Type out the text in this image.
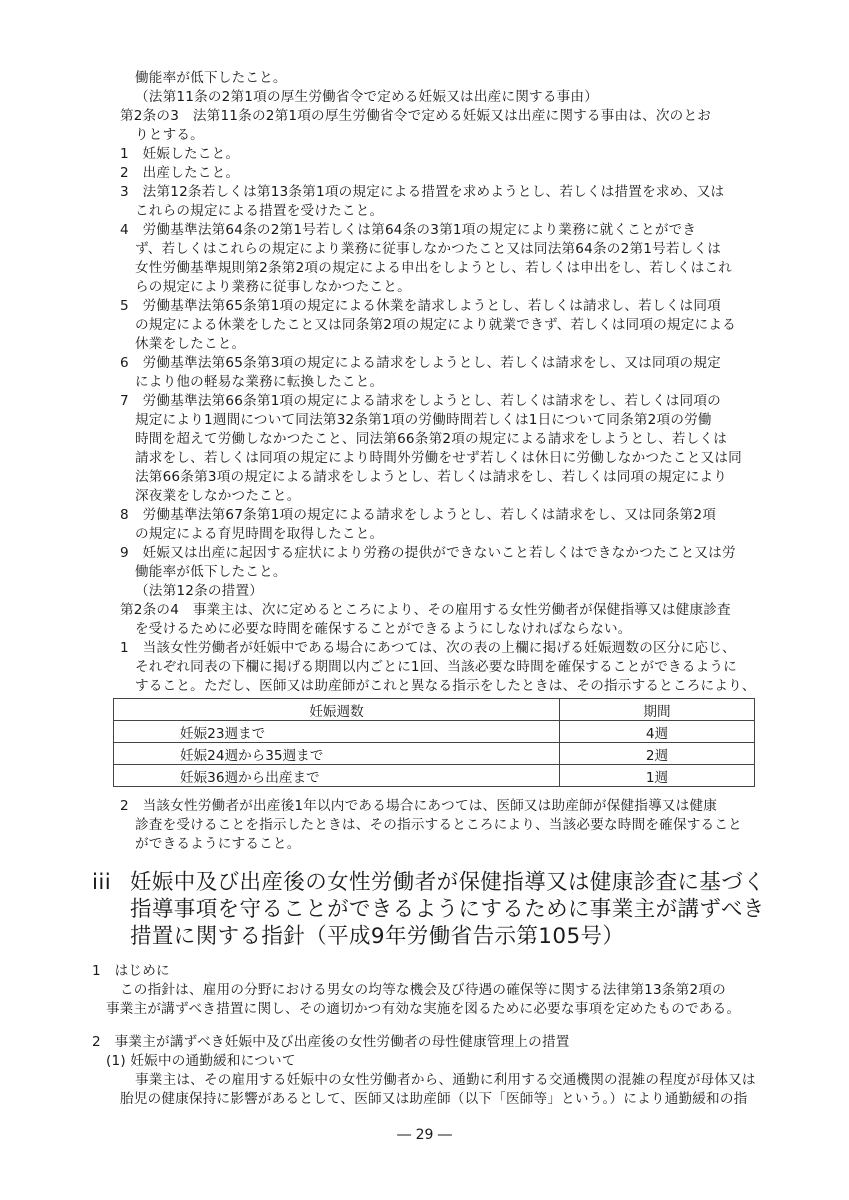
働能率が低下したこと。
（法第11条の2第1項の厚生労働省令で定める妊娠又は出産に関する事由）
第2条の3　法第11条の2第1項の厚生労働省令で定める妊娠又は出産に関する事由は、次のとお
りとする。
1　妊娠したこと。
2　出産したこと。
3　法第12条若しくは第13条第1項の規定による措置を求めようとし、若しくは措置を求め、又は
これらの規定による措置を受けたこと。
4　労働基準法第64条の2第1号若しくは第64条の3第1項の規定により業務に就くことができ
ず、若しくはこれらの規定により業務に従事しなかつたこと又は同法第64条の2第1号若しくは
女性労働基準規則第2条第2項の規定による申出をしようとし、若しくは申出をし、若しくはこれ
らの規定により業務に従事しなかつたこと。
5　労働基準法第65条第1項の規定による休業を請求しようとし、若しくは請求し、若しくは同項
の規定による休業をしたこと又は同条第2項の規定により就業できず、若しくは同項の規定による
休業をしたこと。
6　労働基準法第65条第3項の規定による請求をしようとし、若しくは請求をし、又は同項の規定
により他の軽易な業務に転換したこと。
7　労働基準法第66条第1項の規定による請求をしようとし、若しくは請求をし、若しくは同項の
規定により1週間について同法第32条第1項の労働時間若しくは1日について同条第2項の労働
時間を超えて労働しなかつたこと、同法第66条第2項の規定による請求をしようとし、若しくは
請求をし、若しくは同項の規定により時間外労働をせず若しくは休日に労働しなかつたこと又は同
法第66条第3項の規定による請求をしようとし、若しくは請求をし、若しくは同項の規定により
深夜業をしなかつたこと。
8　労働基準法第67条第1項の規定による請求をしようとし、若しくは請求をし、又は同条第2項
の規定による育児時間を取得したこと。
9　妊娠又は出産に起因する症状により労務の提供ができないこと若しくはできなかつたこと又は労
働能率が低下したこと。
（法第12条の措置）
第2条の4　事業主は、次に定めるところにより、その雇用する女性労働者が保健指導又は健康診査
を受けるために必要な時間を確保することができるようにしなければならない。
1　当該女性労働者が妊娠中である場合にあつては、次の表の上欄に掲げる妊娠週数の区分に応じ、
それぞれ同表の下欄に掲げる期間以内ごとに1回、当該必要な時間を確保することができるように
すること。ただし、医師又は助産師がこれと異なる指示をしたときは、その指示するところにより、
妊娠週数	期間
妊娠23週まで	4週
妊娠24週から35週まで	2週
妊娠36週から出産まで	1週
2　当該女性労働者が出産後1年以内である場合にあつては、医師又は助産師が保健指導又は健康
診査を受けることを指示したときは、その指示するところにより、当該必要な時間を確保すること
ができるようにすること。
iii 妊娠中及び出産後の女性労働者が保健指導又は健康診査に基づく
指導事項を守ることができるようにするために事業主が講ずべき
措置に関する指針（平成9年労働省告示第105号）
1　はじめに
この指針は、雇用の分野における男女の均等な機会及び待遇の確保等に関する法律第13条第2項の
事業主が講ずべき措置に関し、その適切かつ有効な実施を図るために必要な事項を定めたものである。
2　事業主が講ずべき妊娠中及び出産後の女性労働者の母性健康管理上の措置
(1) 妊娠中の通勤緩和について
事業主は、その雇用する妊娠中の女性労働者から、通勤に利用する交通機関の混雑の程度が母体又は
胎児の健康保持に影響があるとして、医師又は助産師（以下「医師等」という。）により通勤緩和の指
― 29 ―
